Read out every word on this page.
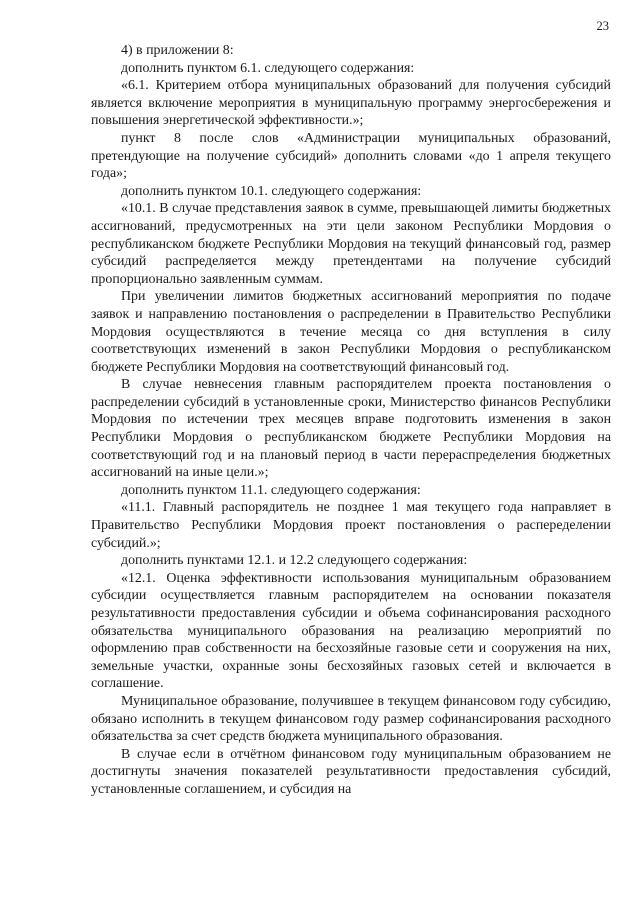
23

4) в приложении 8:

дополнить пунктом 6.1. следующего содержания:

«6.1. Критерием отбора муниципальных образований для получения субсидий является включение мероприятия в муниципальную программу энергосбережения и повышения энергетической эффективности.»;

пункт 8 после слов «Администрации муниципальных образований, претендующие на получение субсидий» дополнить словами «до 1 апреля текущего года»;

дополнить пунктом 10.1. следующего содержания:

«10.1. В случае представления заявок в сумме, превышающей лимиты бюджетных ассигнований, предусмотренных на эти цели законом Республики Мордовия о республиканском бюджете Республики Мордовия на текущий финансовый год, размер субсидий распределяется между претендентами на получение субсидий пропорционально заявленным суммам.

При увеличении лимитов бюджетных ассигнований мероприятия по подаче заявок и направлению постановления о распределении в Правительство Республики Мордовия осуществляются в течение месяца со дня вступления в силу соответствующих изменений в закон Республики Мордовия о республиканском бюджете Республики Мордовия на соответствующий финансовый год.

В случае невнесения главным распорядителем проекта постановления о распределении субсидий в установленные сроки, Министерство финансов Республики Мордовия по истечении трех месяцев вправе подготовить изменения в закон Республики Мордовия о республиканском бюджете Республики Мордовия на соответствующий год и на плановый период в части перераспределения бюджетных ассигнований на иные цели.»;

дополнить пунктом 11.1. следующего содержания:

«11.1. Главный распорядитель не позднее 1 мая текущего года направляет в Правительство Республики Мордовия проект постановления о распеределении субсидий.»;

дополнить пунктами 12.1. и 12.2 следующего содержания:

«12.1. Оценка эффективности использования муниципальным образованием субсидии осуществляется главным распорядителем на основании показателя результативности предоставления субсидии и объема софинансирования расходного обязательства муниципального образования на реализацию мероприятий по оформлению прав собственности на бесхозяйные газовые сети и сооружения на них, земельные участки, охранные зоны бесхозяйных газовых сетей и включается в соглашение.

Муниципальное образование, получившее в текущем финансовом году субсидию, обязано исполнить в текущем финансовом году размер софинансирования расходного обязательства за счет средств бюджета муниципального образования.

В случае если в отчётном финансовом году муниципальным образованием не достигнуты значения показателей результативности предоставления субсидий, установленные соглашением, и субсидия на
